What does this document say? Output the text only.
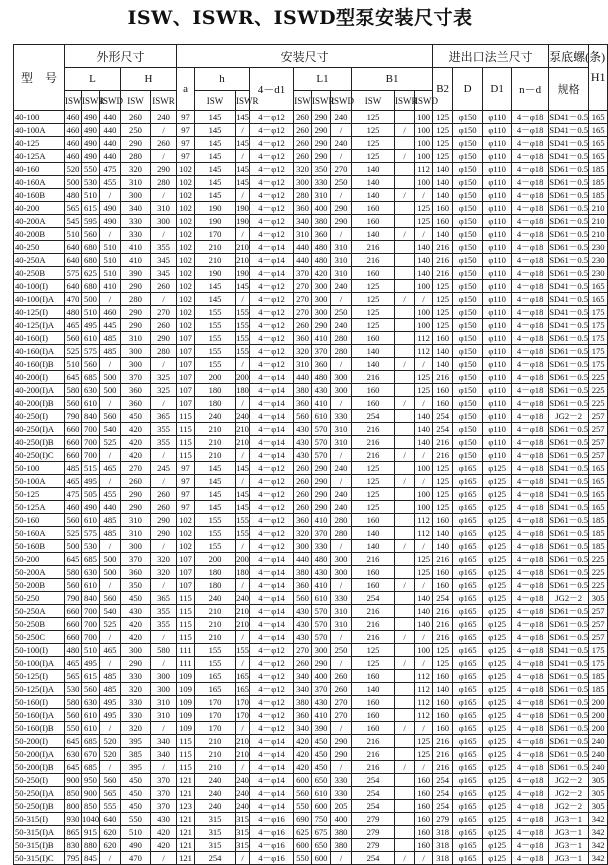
ISW、ISWR、ISWD型泵安装尺寸表
型　号	外形尺寸					安装尺寸										进出口法兰尺寸				泵底螺(条)	H1
	L			H		a	h		4－d1	L1			B1			B2	D	D1	n－d	规格	
	ISW	ISWR	ISWD	ISW	ISWR		ISW	ISWR		ISW	ISWR	ISWD	ISW	ISWR	ISWD						
40-100	460	490	440	260	240	97	145	145	4－φ12	260	290	240	125		100	125	φ150	φ110	4－φ18	SD41－0.5	165
40-100A	460	490	440	250	/	97	145	/	4－φ12	260	290	/	125	/	100	125	φ150	φ110	4－φ18	SD41－0.5	165
40-125	460	490	440	290	260	97	145	145	4－φ12	260	290	240	125		100	125	φ150	φ110	4－φ18	SD41－0.5	165
40-125A	460	490	440	280	/	97	145	/	4－φ12	260	290	/	125	/	100	125	φ150	φ110	4－φ18	SD41－0.5	165
40-160	520	550	475	320	290	102	145	145	4－φ12	320	350	270	140		112	140	φ150	φ110	4－φ18	SD61－0.5	185
40-160A	500	530	455	310	280	102	145	145	4－φ12	300	330	250	140		100	140	φ150	φ110	4－φ18	SD61－0.5	185
40-160B	480	510	/	300	/	102	145	/	4－φ12	280	310	/	140	/	/	140	φ150	φ110	4－φ18	SD61－0.5	185
40-200	565	615	490	340	310	102	190	190	4－φ12	360	400	290	160		125	160	φ150	φ110	4－φ18	SD61－0.5	210
40-200A	545	595	490	330	300	102	190	190	4－φ12	340	380	290	160		125	160	φ150	φ110	4－φ18	SD61－0.5	210
40-200B	510	560	/	330	/	102	170	/	4－φ12	310	360	/	140	/	/	140	φ150	φ110	4－φ18	SD61－0.5	210
40-250	640	680	510	410	355	102	210	210	4－φ14	440	480	310	216		140	216	φ150	φ110	4－φ18	SD61－0.5	230
40-250A	640	680	510	410	345	102	210	210	4－φ14	440	480	310	216		140	216	φ150	φ110	4－φ18	SD61－0.5	230
40-250B	575	625	510	390	345	102	190	190	4－φ14	370	420	310	160		140	216	φ150	φ110	4－φ18	SD61－0.5	230
40-100(I)	640	680	410	290	260	102	145	145	4－φ12	270	300	240	125		100	125	φ150	φ110	4－φ18	SD41－0.5	165
40-100(I)A	470	500	/	280	/	102	145	/	4－φ12	270	300	/	125	/	/	125	φ150	φ110	4－φ18	SD41－0.5	165
40-125(I)	480	510	460	290	270	102	155	155	4－φ12	270	300	250	125		100	125	φ150	φ110	4－φ18	SD41－0.5	175
40-125(I)A	465	495	445	290	260	102	155	155	4－φ12	260	290	240	125		100	125	φ150	φ110	4－φ18	SD41－0.5	175
40-160(I)	560	610	485	310	290	107	155	155	4－φ12	360	410	280	160		112	160	φ150	φ110	4－φ18	SD61－0.5	175
40-160(I)A	525	575	485	300	280	107	155	155	4－φ12	320	370	280	140		112	140	φ150	φ110	4－φ18	SD61－0.5	175
40-160(I)B	510	560	/	300	/	107	155	/	4－φ12	310	360	/	140	/	/	140	φ150	φ110	4－φ18	SD61－0.5	175
40-200(I)	645	685	500	370	325	107	200	200	4－φ14	440	480	300	216		125	216	φ150	φ110	4－φ18	SD61－0.5	225
40-200(I)A	580	630	500	360	325	107	180	180	4－φ14	380	430	300	160		125	160	φ150	φ110	4－φ18	SD61－0.5	225
40-200(I)B	560	610	/	360	/	107	180	/	4－φ14	360	410	/	160	/	/	160	φ150	φ110	4－φ18	SD61－0.5	225
40-250(I)	790	840	560	450	365	115	240	240	4－φ14	560	610	330	254		140	254	φ150	φ110	4－φ18	JG2－2	257
40-250(I)A	660	700	540	420	355	115	210	210	4－φ14	430	570	310	216		140	254	φ150	φ110	4－φ18	SD61－0.5	257
40-250(I)B	660	700	525	420	355	115	210	210	4－φ14	430	570	310	216		140	216	φ150	φ110	4－φ18	SD61－0.5	257
40-250(I)C	660	700	/	420	/	115	210	/	4－φ14	430	570	/	216	/	/	216	φ150	φ110	4－φ18	SD61－0.5	257
50-100	485	515	465	270	245	97	145	145	4－φ12	260	290	240	125		100	125	φ165	φ125	4－φ18	SD41－0.5	165
50-100A	465	495	/	260	/	97	145	/	4－φ12	260	290	/	125	/	/	125	φ165	φ125	4－φ18	SD41－0.5	165
50-125	475	505	455	290	260	97	145	145	4－φ12	260	290	240	125		100	125	φ165	φ125	4－φ18	SD41－0.5	165
50-125A	460	490	440	290	260	97	145	145	4－φ12	260	290	240	125		100	125	φ165	φ125	4－φ18	SD41－0.5	165
50-160	560	610	485	310	290	102	155	155	4－φ12	360	410	280	160		112	160	φ165	φ125	4－φ18	SD61－0.5	185
50-160A	525	575	485	310	290	102	155	155	4－φ12	320	370	280	140		112	140	φ165	φ125	4－φ18	SD61－0.5	185
50-160B	500	530	/	300	/	102	155	/	4－φ12	300	330	/	140	/	/	140	φ165	φ125	4－φ18	SD61－0.5	185
50-200	645	685	500	370	320	107	200	200	4－φ14	440	480	300	216		125	216	φ165	φ125	4－φ18	SD61－0.5	225
50-200A	580	630	500	360	320	107	180	180	4－φ14	380	430	300	160		125	160	φ165	φ125	4－φ18	SD61－0.5	225
50-200B	560	610	/	350	/	107	180	/	4－φ14	360	410	/	160	/	/	160	φ165	φ125	4－φ18	SD61－0.5	225
50-250	790	840	560	450	365	115	240	240	4－φ14	560	610	330	254		140	254	φ165	φ125	4－φ18	JG2－2	305
50-250A	660	700	540	430	355	115	210	210	4－φ14	430	570	310	216		140	216	φ165	φ125	4－φ18	SD61－0.5	257
50-250B	660	700	525	420	355	115	210	210	4－φ14	430	570	310	216		140	216	φ165	φ125	4－φ18	SD61－0.5	257
50-250C	660	700	/	420	/	115	210	/	4－φ14	430	570	/	216	/	/	216	φ165	φ125	4－φ18	SD61－0.5	257
50-100(I)	480	510	465	300	580	111	155	155	4－φ12	270	300	250	125		100	125	φ165	φ125	4－φ18	SD41－0.5	175
50-100(I)A	465	495	/	290	/	111	155	/	4－φ12	260	290	/	125	/	/	125	φ165	φ125	4－φ18	SD41－0.5	175
50-125(I)	565	615	485	330	300	109	165	165	4－φ12	340	400	260	160		112	160	φ165	φ125	4－φ18	SD61－0.5	185
50-125(I)A	530	560	485	320	300	109	165	165	4－φ12	340	370	260	140		112	140	φ165	φ125	4－φ18	SD61－0.5	185
50-160(I)	580	630	495	330	310	109	170	170	4－φ12	380	430	270	160		112	160	φ165	φ125	4－φ18	SD61－0.5	200
50-160(I)A	560	610	495	330	310	109	170	170	4－φ12	360	410	270	160		112	160	φ165	φ125	4－φ18	SD61－0.5	200
50-160(I)B	550	610	/	320	/	109	170	/	4－φ12	340	390	/	160	/	/	160	φ165	φ125	4－φ18	SD61－0.5	200
50-200(I)	645	685	520	395	340	115	210	210	4－φ14	420	450	290	216		125	216	φ165	φ125	4－φ18	SD61－0.5	240
50-200(I)A	630	670	520	385	340	115	210	210	4－φ14	420	450	290	216		125	216	φ165	φ125	4－φ18	SD61－0.5	240
50-200(I)B	645	685	/	395	/	115	210	/	4－φ14	420	450	/	216	/	/	216	φ165	φ125	4－φ18	SD61－0.5	240
50-250(I)	900	950	560	450	370	121	240	240	4－φ14	600	650	330	254		160	254	φ165	φ125	4－φ18	JG2－2	305
50-250(I)A	850	900	565	450	370	121	240	240	4－φ14	560	610	330	254		160	254	φ165	φ125	4－φ18	JG2－2	305
50-250(I)B	800	850	555	450	370	123	240	240	4－φ14	550	600	205	254		160	254	φ165	φ125	4－φ18	JG2－2	305
50-315(I)	930	1040	640	550	430	121	315	315	4－φ16	690	750	400	279		160	279	φ165	φ125	4－φ18	JG3－1	342
50-315(I)A	865	915	620	510	420	121	315	315	4－φ16	625	675	380	279		160	318	φ165	φ125	4－φ18	JG3－1	342
50-315(I)B	830	880	620	490	420	121	315	315	4－φ16	600	650	380	279		160	318	φ165	φ125	4－φ18	JG3－1	342
50-315(I)C	795	845	/	470	/	121	254	/	4－φ16	550	600	/	254	/	/	318	φ165	φ125	4－φ18	JG3－1	342
